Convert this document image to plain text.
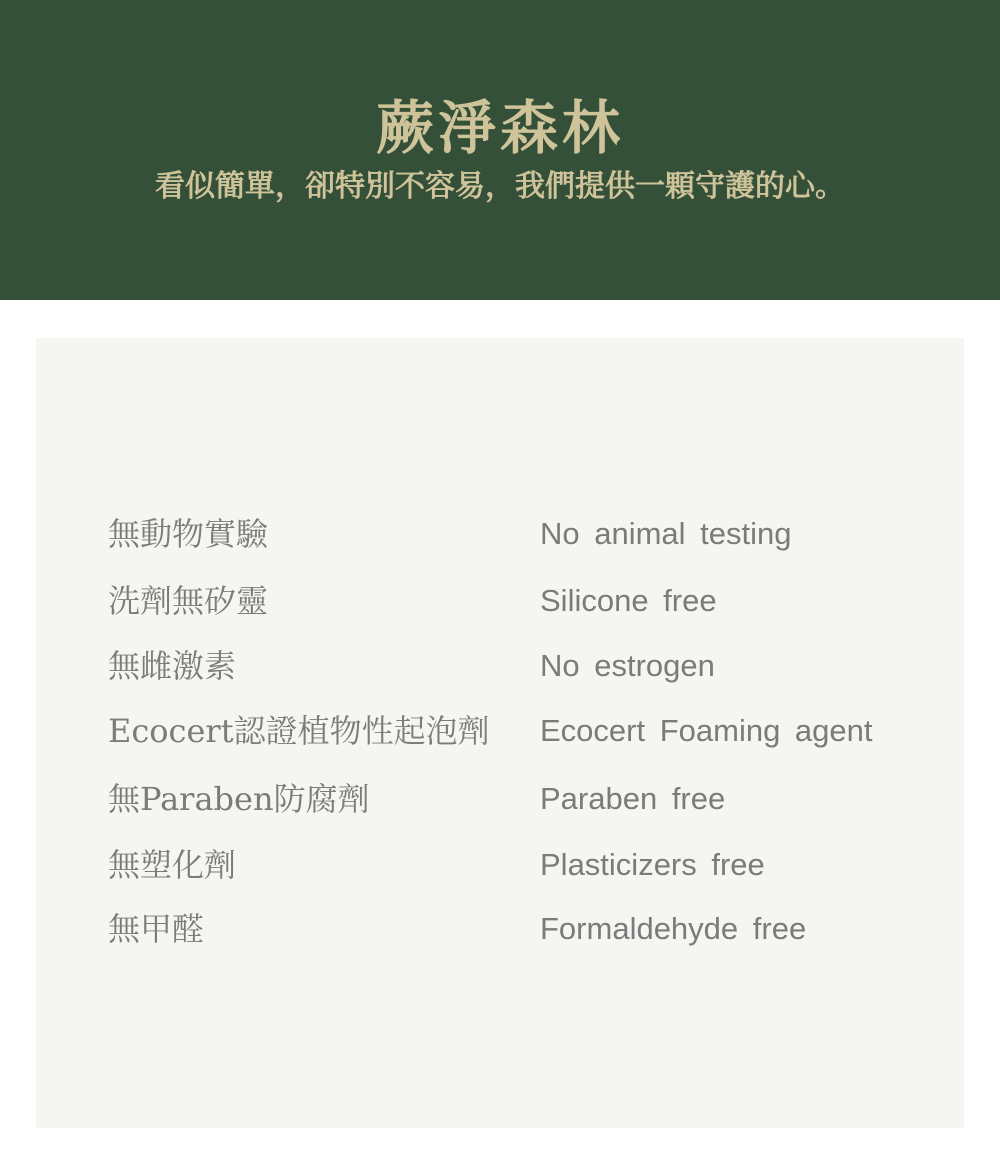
蕨淨森林
看似簡單，卻特別不容易，我們提供一顆守護的心。
無動物實驗	No animal testing
洗劑無矽靈	Silicone free
無雌激素	No estrogen
Ecocert認證植物性起泡劑 Ecocert Foaming agent
無Paraben防腐劑	Paraben free
無塑化劑	Plasticizers free
無甲醛	Formaldehyde free
